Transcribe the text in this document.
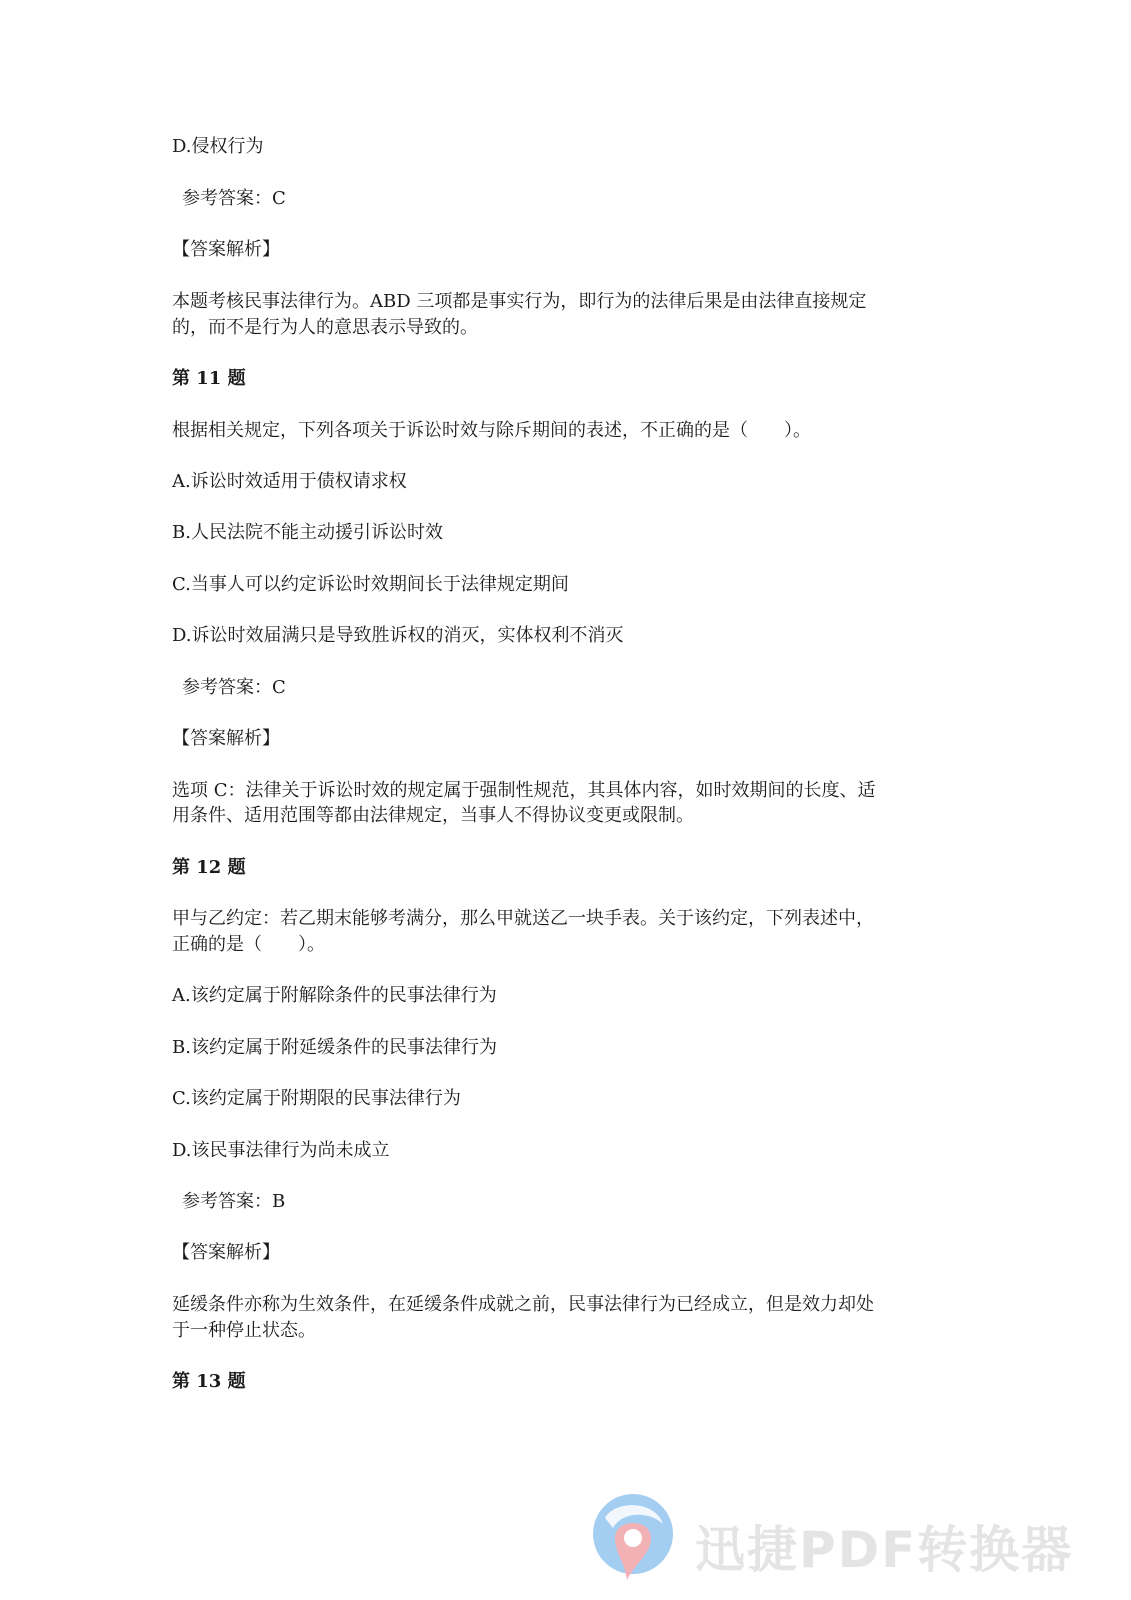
D.侵权行为
参考答案：C
【答案解析】
本题考核民事法律行为。ABD 三项都是事实行为，即行为的法律后果是由法律直接规定
的，而不是行为人的意思表示导致的。
第 11 题
根据相关规定，下列各项关于诉讼时效与除斥期间的表述，不正确的是（　　）。
A.诉讼时效适用于债权请求权
B.人民法院不能主动援引诉讼时效
C.当事人可以约定诉讼时效期间长于法律规定期间
D.诉讼时效届满只是导致胜诉权的消灭，实体权利不消灭
参考答案：C
【答案解析】
选项 C：法律关于诉讼时效的规定属于强制性规范，其具体内容，如时效期间的长度、适
用条件、适用范围等都由法律规定，当事人不得协议变更或限制。
第 12 题
甲与乙约定：若乙期末能够考满分，那么甲就送乙一块手表。关于该约定，下列表述中，
正确的是（　　）。
A.该约定属于附解除条件的民事法律行为
B.该约定属于附延缓条件的民事法律行为
C.该约定属于附期限的民事法律行为
D.该民事法律行为尚未成立
参考答案：B
【答案解析】
延缓条件亦称为生效条件，在延缓条件成就之前，民事法律行为已经成立，但是效力却处
于一种停止状态。
第 13 题
迅捷PDF转换器
